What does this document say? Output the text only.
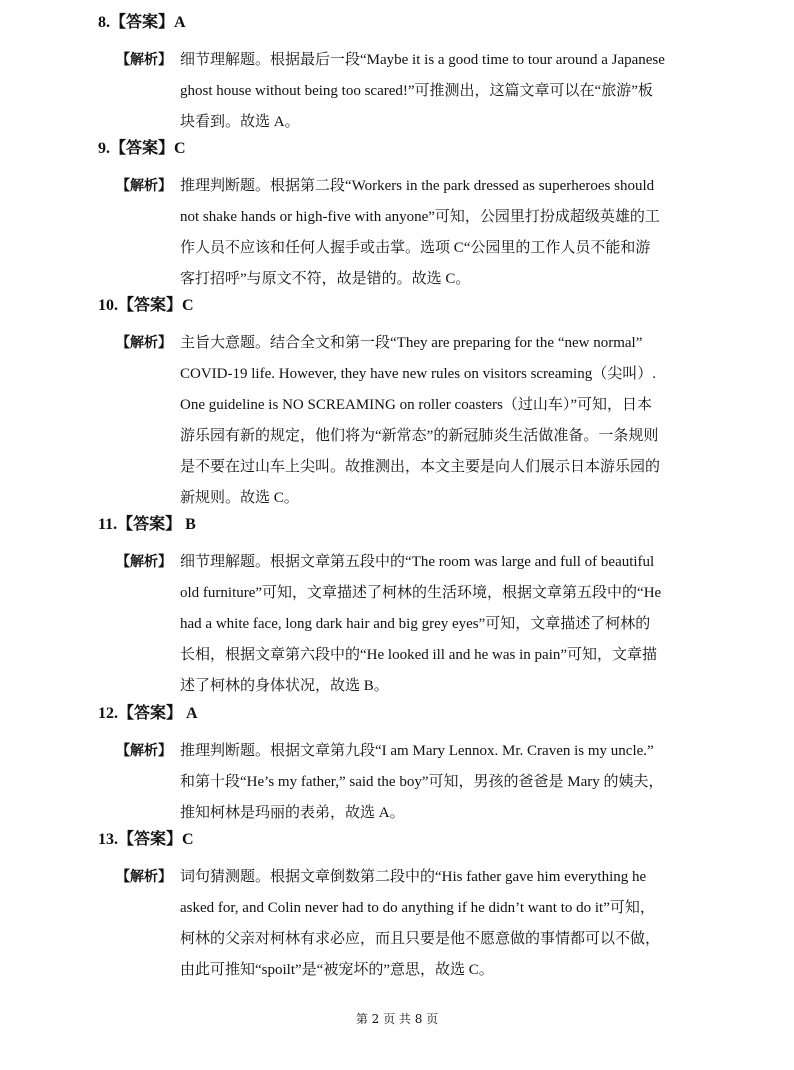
8.【答案】A
【解析】 细节理解题。根据最后一段“Maybe it is a good time to tour around a Japanese
ghost house without being too scared!”可推测出，这篇文章可以在“旅游”板
块看到。故选 A。
9.【答案】C
【解析】 推理判断题。根据第二段“Workers in the park dressed as superheroes should
not shake hands or high-five with anyone”可知，公园里打扮成超级英雄的工
作人员不应该和任何人握手或击掌。选项 C“公园里的工作人员不能和游
客打招呼”与原文不符，故是错的。故选 C。
10.【答案】C
【解析】 主旨大意题。结合全文和第一段“They are preparing for the “new normal”
COVID-19 life. However, they have new rules on visitors screaming（尖叫）.
One guideline is NO SCREAMING on roller coasters（过山车）”可知，日本
游乐园有新的规定，他们将为“新常态”的新冠肺炎生活做准备。一条规则
是不要在过山车上尖叫。故推测出，本文主要是向人们展示日本游乐园的
新规则。故选 C。
11.【答案】 B
【解析】 细节理解题。根据文章第五段中的“The room was large and full of beautiful
old furniture”可知，文章描述了柯林的生活环境，根据文章第五段中的“He
had a white face, long dark hair and big grey eyes”可知，文章描述了柯林的
长相，根据文章第六段中的“He looked ill and he was in pain”可知，文章描
述了柯林的身体状况，故选 B。
12.【答案】 A
【解析】 推理判断题。根据文章第九段“I am Mary Lennox. Mr. Craven is my uncle.”
和第十段“He’s my father,” said the boy”可知，男孩的爸爸是 Mary 的姨夫，
推知柯林是玛丽的表弟，故选 A。
13.【答案】C
【解析】 词句猜测题。根据文章倒数第二段中的“His father gave him everything he
asked for, and Colin never had to do anything if he didn’t want to do it”可知，
柯林的父亲对柯林有求必应，而且只要是他不愿意做的事情都可以不做，
由此可推知“spoilt”是“被宠坏的”意思，故选 C。
第 2 页 共 8 页
